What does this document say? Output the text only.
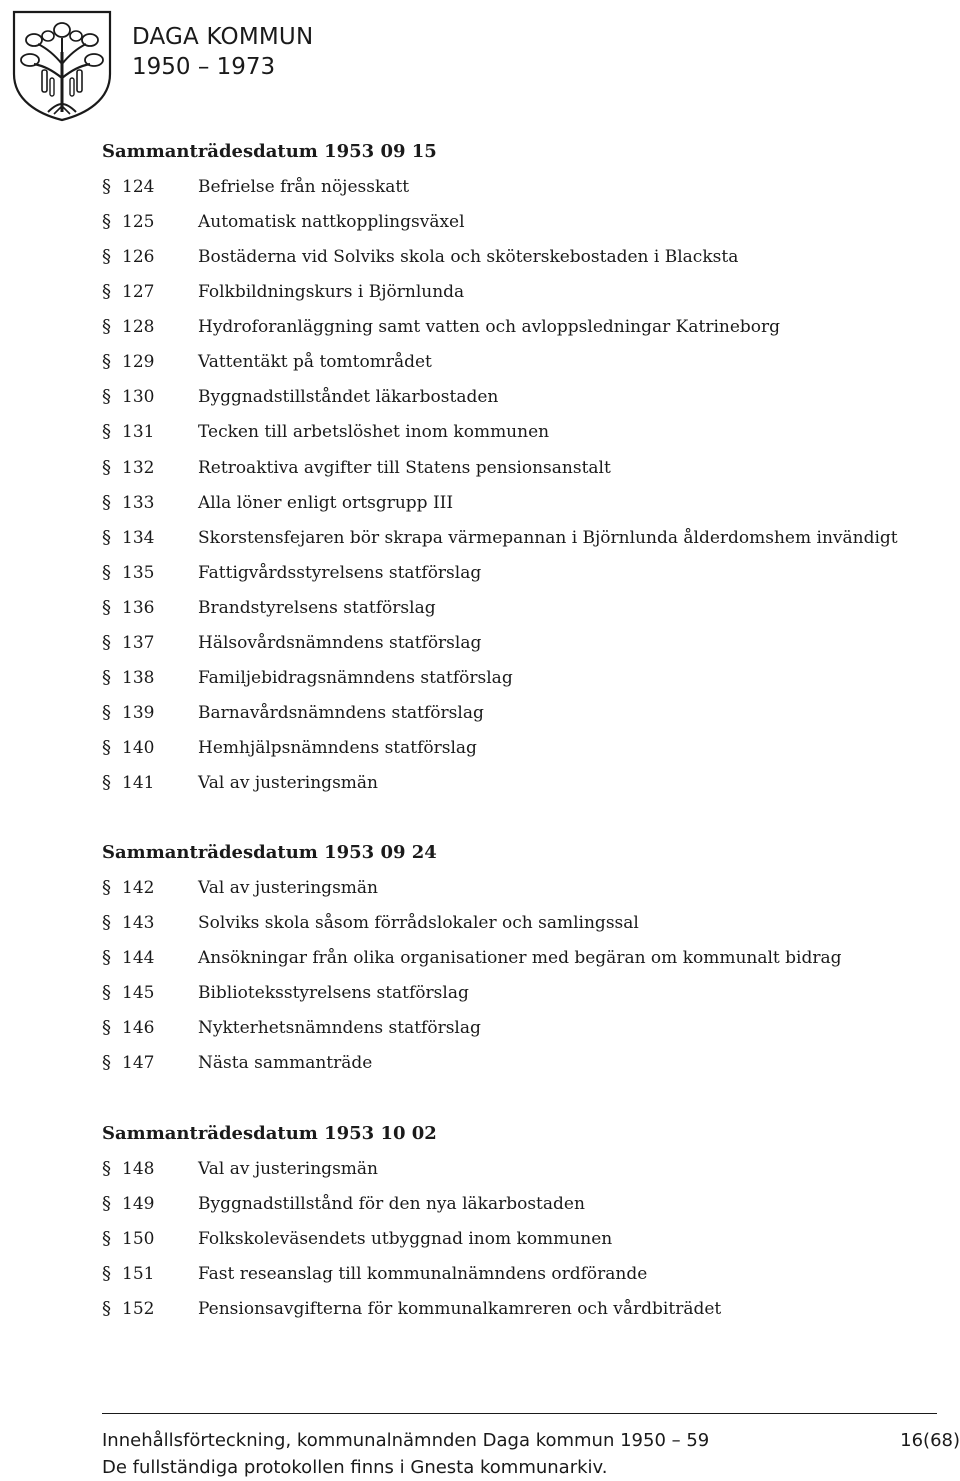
DAGA KOMMUN
1950 – 1973
Sammanträdesdatum 1953 09 15
§ 124	Befrielse från nöjesskatt
§ 125	Automatisk nattkopplingsväxel
§ 126	Bostäderna vid Solviks skola och sköterskebostaden i Blacksta
§ 127	Folkbildningskurs i Björnlunda
§ 128	Hydroforanläggning samt vatten och avloppsledningar Katrineborg
§ 129	Vattentäkt på tomtområdet
§ 130	Byggnadstillståndet läkarbostaden
§ 131	Tecken till arbetslöshet inom kommunen
§ 132	Retroaktiva avgifter till Statens pensionsanstalt
§ 133	Alla löner enligt ortsgrupp III
§ 134	Skorstensfejaren bör skrapa värmepannan i Björnlunda ålderdomshem invändigt
§ 135	Fattigvårdsstyrelsens statförslag
§ 136	Brandstyrelsens statförslag
§ 137	Hälsovårdsnämndens statförslag
§ 138	Familjebidragsnämndens statförslag
§ 139	Barnavårdsnämndens statförslag
§ 140	Hemhjälpsnämndens statförslag
§ 141	Val av justeringsmän
Sammanträdesdatum 1953 09 24
§ 142	Val av justeringsmän
§ 143	Solviks skola såsom förrådslokaler och samlingssal
§ 144	Ansökningar från olika organisationer med begäran om kommunalt bidrag
§ 145	Biblioteksstyrelsens statförslag
§ 146	Nykterhetsnämndens statförslag
§ 147	Nästa sammanträde
Sammanträdesdatum 1953 10 02
§ 148	Val av justeringsmän
§ 149	Byggnadstillstånd för den nya läkarbostaden
§ 150	Folkskoleväsendets utbyggnad inom kommunen
§ 151	Fast reseanslag till kommunalnämndens ordförande
§ 152	Pensionsavgifterna för kommunalkamreren och vårdbiträdet
Innehållsförteckning, kommunalnämnden Daga kommun 1950 – 59
De fullständiga protokollen finns i Gnesta kommunarkiv.
16(68)
